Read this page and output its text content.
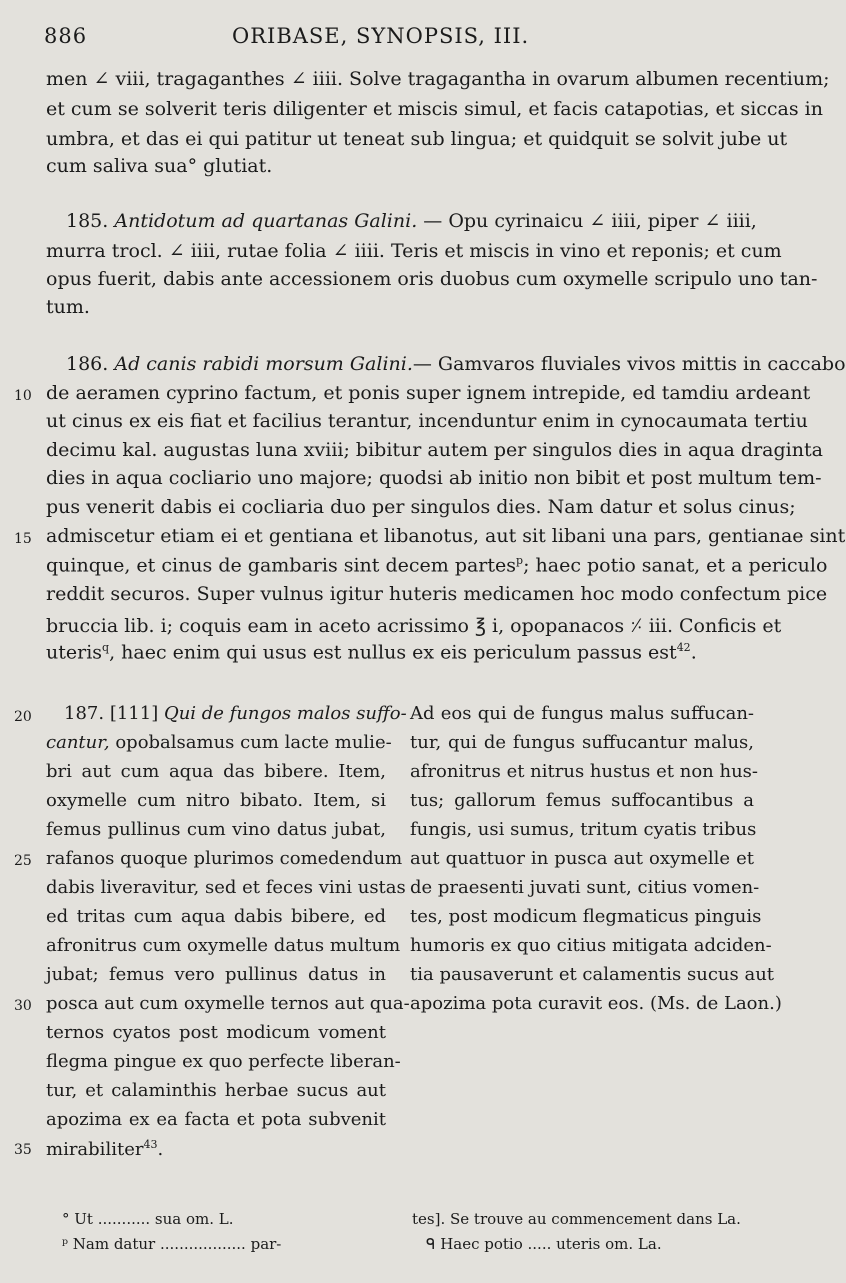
886	ORIBASE, SYNOPSIS, III.
men ∠ viii, tragaganthes ∠ iiii. Solve tragagantha in ovarum albumen recentium;
et cum se solverit teris diligenter et miscis simul, et facis catapotias, et siccas in
umbra, et das ei qui patitur ut teneat sub lingua; et quidquit se solvit jube ut
cum saliva sua° glutiat.
185. Antidotum ad quartanas Galini. — Opu cyrinaicu ∠ iiii, piper ∠ iiii,
murra trocl. ∠ iiii, rutae folia ∠ iiii. Teris et miscis in vino et reponis; et cum
opus fuerit, dabis ante accessionem oris duobus cum oxymelle scripulo uno tan-
tum.
186. Ad canis rabidi morsum Galini.— Gamvaros fluviales vivos mittis in caccabo
de aeramen cyprino factum, et ponis super ignem intrepide, ed tamdiu ardeant
ut cinus ex eis fiat et facilius terantur, incenduntur enim in cynocaumata tertiu
decimu kal. augustas luna xviii; bibitur autem per singulos dies in aqua draginta
dies in aqua cocliario uno majore; quodsi ab initio non bibit et post multum tem-
pus venerit dabis ei cocliaria duo per singulos dies. Nam datur et solus cinus;
admiscetur etiam ei et gentiana et libanotus, aut sit libani una pars, gentianae sint
quinque, et cinus de gambaris sint decem partes$^p$; haec potio sanat, et a periculo
reddit securos. Super vulnus igitur huteris medicamen hoc modo confectum pice
bruccia lib. i; coquis eam in aceto acrissimo ℥ i, opopanacos ⸓ iii. Conficis et
uteris$^q$, haec enim qui usus est nullus ex eis periculum passus est$^{42}$.
187. [111] Qui de fungos malos suffo-
cantur, opobalsamus cum lacte mulie-
bri aut cum aqua das bibere. Item,
oxymelle cum nitro bibato. Item, si
femus pullinus cum vino datus jubat,
rafanos quoque plurimos comedendum
dabis liveravitur, sed et feces vini ustas
ed tritas cum aqua dabis bibere, ed
afronitrus cum oxymelle datus multum
jubat; femus vero pullinus datus in
posca aut cum oxymelle ternos aut qua-
ternos cyatos post modicum voment
flegma pingue ex quo perfecte liberan-
tur, et calaminthis herbae sucus aut
apozima ex ea facta et pota subvenit
mirabiliter$^{43}$.
Ad eos qui de fungus malus suffucan-
tur, qui de fungus suffucantur malus,
afronitrus et nitrus hustus et non hus-
tus; gallorum femus suffocantibus a
fungis, usi sumus, tritum cyatis tribus
aut quattuor in pusca aut oxymelle et
de praesenti juvati sunt, citius vomen-
tes, post modicum flegmaticus pinguis
humoris ex quo citius mitigata adciden-
tia pausaverunt et calamentis sucus aut
apozima pota curavit eos. (Ms. de Laon.)
10
15
20
25
30
35
° Ut ........... sua om. L.
ᵖ Nam datur .................. par-
tes]. Se trouve au commencement dans La.
ᑫ Haec potio ..... uteris om. La.
